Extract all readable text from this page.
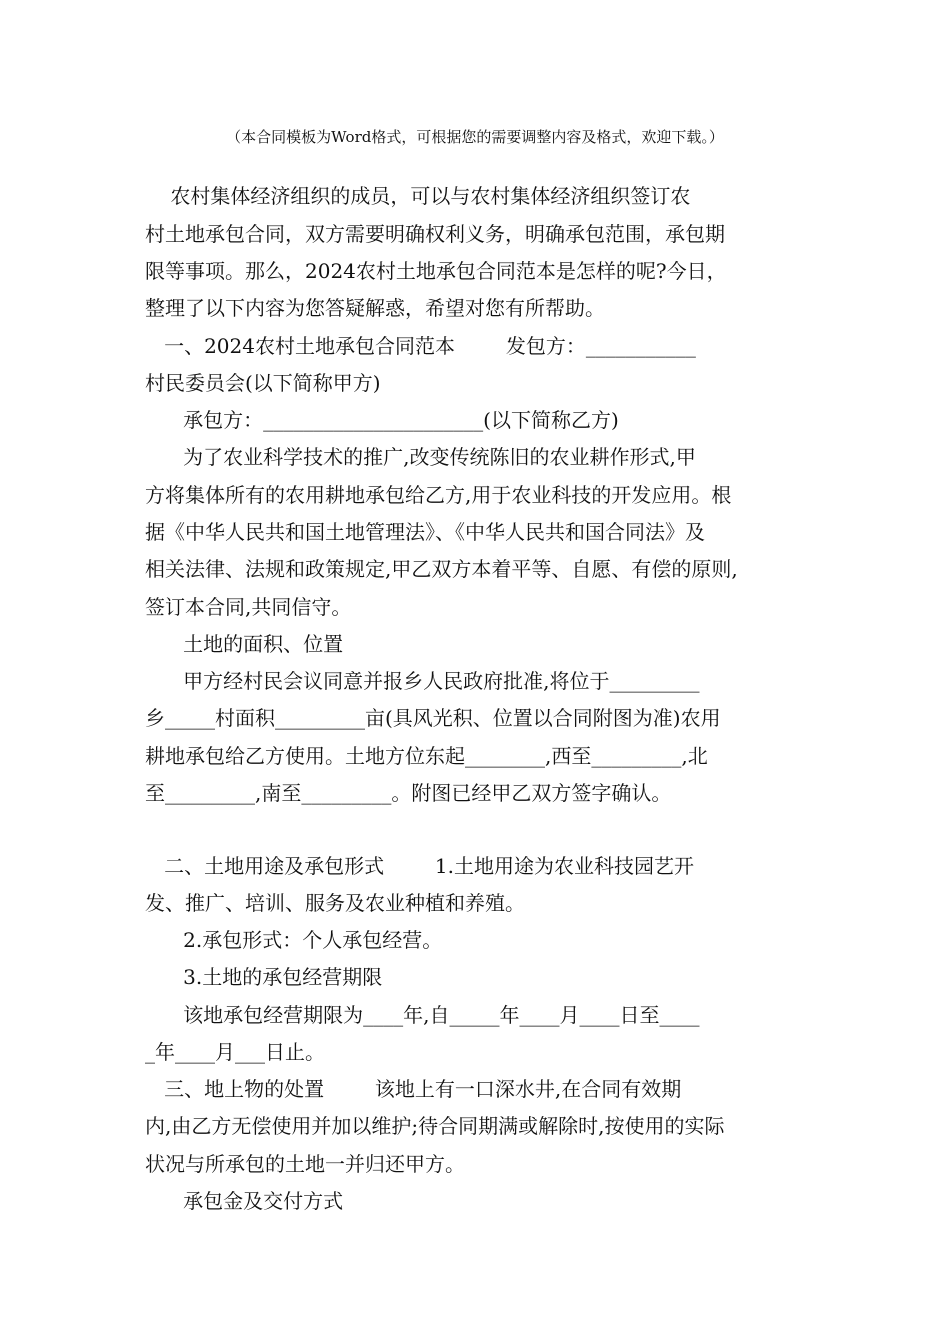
（本合同模板为Word格式，可根据您的需要调整内容及格式，欢迎下载。）
农村集体经济组织的成员，可以与农村集体经济组织签订农
村土地承包合同，双方需要明确权利义务，明确承包范围，承包期
限等事项。那么，2024农村土地承包合同范本是怎样的呢?今日，
整理了以下内容为您答疑解惑，希望对您有所帮助。
一、2024农村土地承包合同范本        发包方：___________
村民委员会(以下简称甲方)
承包方：______________________(以下简称乙方)
为了农业科学技术的推广,改变传统陈旧的农业耕作形式,甲
方将集体所有的农用耕地承包给乙方,用于农业科技的开发应用。根
据《中华人民共和国土地管理法》、《中华人民共和国合同法》及
相关法律、法规和政策规定,甲乙双方本着平等、自愿、有偿的原则,
签订本合同,共同信守。
土地的面积、位置
甲方经村民会议同意并报乡人民政府批准,将位于_________
乡_____村面积_________亩(具风光积、位置以合同附图为准)农用
耕地承包给乙方使用。土地方位东起________,西至_________,北
至_________,南至_________。附图已经甲乙双方签字确认。
二、土地用途及承包形式        1.土地用途为农业科技园艺开
发、推广、培训、服务及农业种植和养殖。
2.承包形式：个人承包经营。
3.土地的承包经营期限
该地承包经营期限为____年,自_____年____月____日至____
_年____月___日止。
三、地上物的处置        该地上有一口深水井,在合同有效期
内,由乙方无偿使用并加以维护;待合同期满或解除时,按使用的实际
状况与所承包的土地一并归还甲方。
承包金及交付方式
